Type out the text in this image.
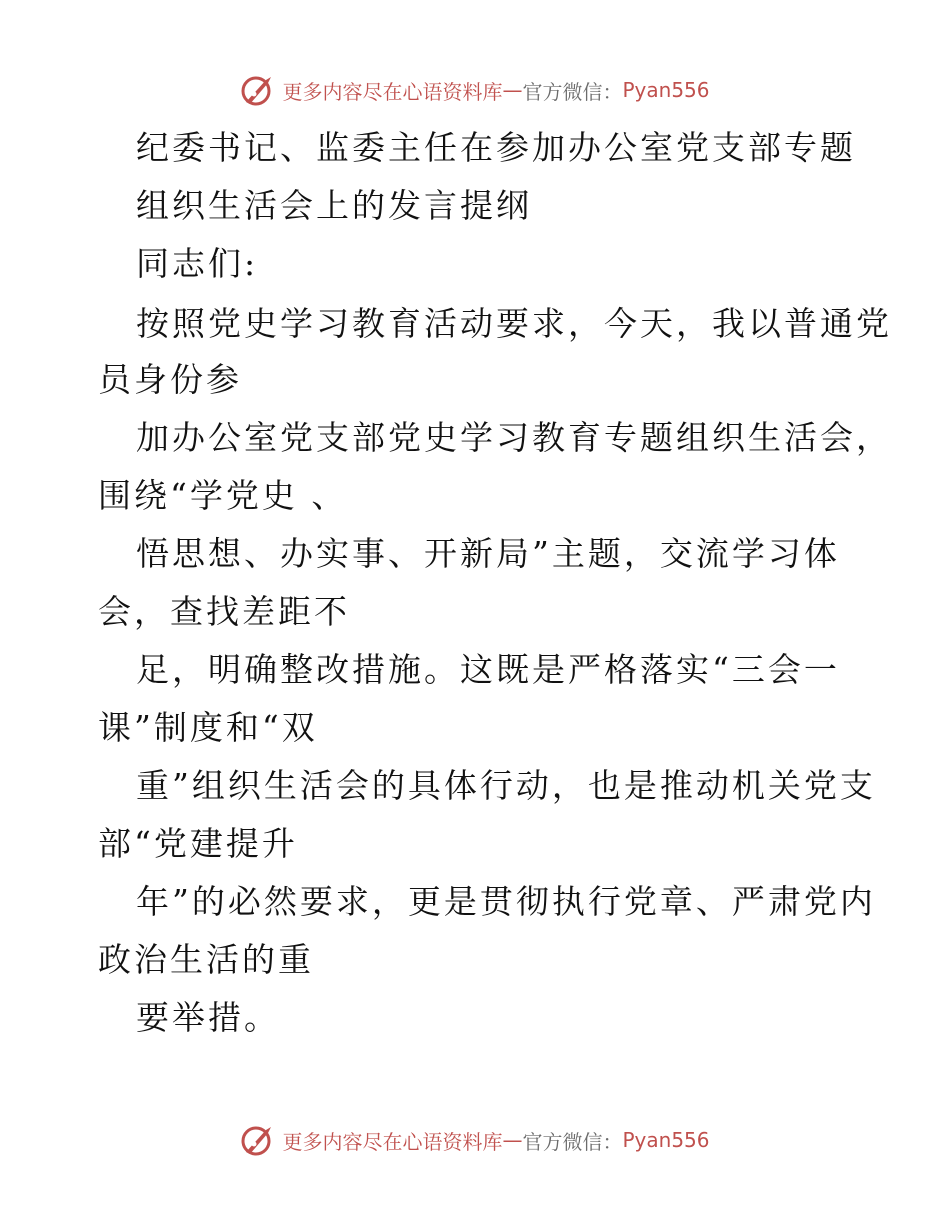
更多内容尽在心语资料库 — 官方微信： Pyan556
纪委书记、监委主任在参加办公室党支部专题
组织生活会上的发言提纲
同志们:
按照党史学习教育活动要求，今天，我以普通党
员身份参
加办公室党支部党史学习教育专题组织生活会，
围绕“学党史 、
悟思想、办实事、开新局”主题，交流学习体
会，查找差距不
足，明确整改措施。这既是严格落实“三会一
课”制度和“双
重”组织生活会的具体行动，也是推动机关党支
部“党建提升
年”的必然要求，更是贯彻执行党章、严肃党内
政治生活的重
要举措。
更多内容尽在心语资料库 — 官方微信： Pyan556
